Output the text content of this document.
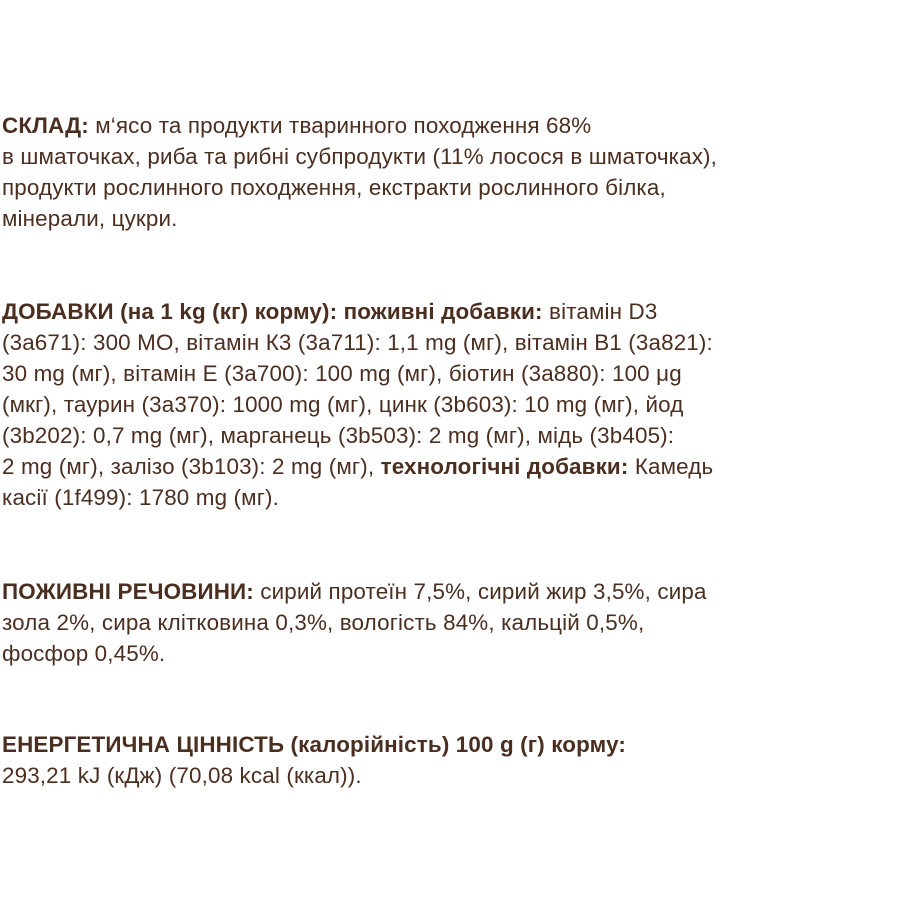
СКЛАД: м‘ясо та продукти тваринного походження 68%
в шматочках, риба та рибні субпродукти (11% лосося в шматочках),
продукти рослинного походження, екстракти рослинного білка,
мінерали, цукри.
ДОБАВКИ (на 1 kg (кг) корму): поживні добавки: вітамін D3
(3a671): 300 МО, вітамін К3 (3a711): 1,1 mg (мг), вітамін В1 (3a821):
30 mg (мг), вітамін Е (3a700): 100 mg (мг), біотин (3a880): 100 μg
(мкг), таурин (3a370): 1000 mg (мг), цинк (3b603): 10 mg (мг), йод
(3b202): 0,7 mg (мг), марганець (3b503): 2 mg (мг), мідь (3b405):
2 mg (мг), залізо (3b103): 2 mg (мг), технологічні добавки: Камедь
касії (1f499): 1780 mg (мг).
ПОЖИВНІ РЕЧОВИНИ: сирий протеїн 7,5%, сирий жир 3,5%, сира
зола 2%, сира клітковина 0,3%, вологість 84%, кальцій 0,5%,
фосфор 0,45%.
ЕНЕРГЕТИЧНА ЦІННІСТЬ (калорійність) 100 g (г) корму:
293,21 kJ (кДж) (70,08 kcal (ккал)).
